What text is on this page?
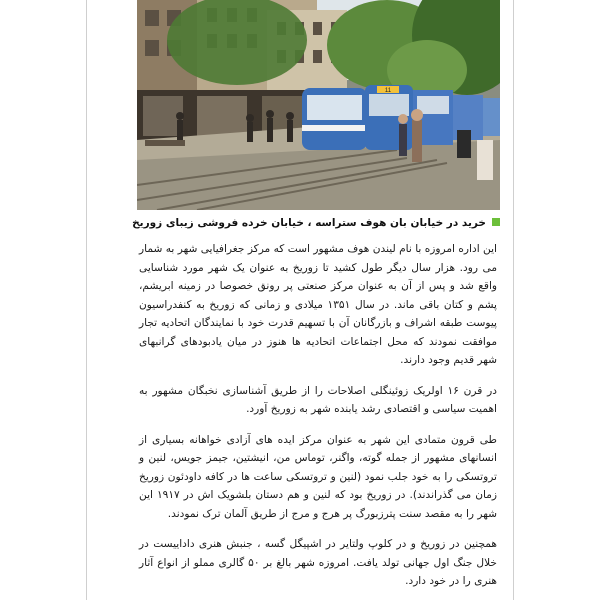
11
خرید در خیابان بان هوف ستراسه ، خیابان خرده فروشی زیبای زوریخ

این اداره امروزه با نام لیندن هوف مشهور است که مرکز جغرافیایی شهر به شمار می رود. هزار سال دیگر طول کشید تا زوریخ به عنوان یک شهر مورد شناسایی واقع شد و پس از آن به عنوان مرکز صنعتی پر رونق خصوصا در زمینه ابریشم، پشم و کتان باقی ماند. در سال ۱۳۵۱ میلادی و زمانی که زوریخ به کنفدراسیون پیوست طبقه اشراف و بازرگانان آن با تسهیم قدرت خود با نمایندگان اتحادیه تجار موافقت نمودند که محل اجتماعات اتحادیه ها هنوز در میان یادبودهای گرانبهای شهر قدیم وجود دارند.

در قرن ۱۶ اولریک زوئینگلی اصلاحات را از طریق آشناسازی نخبگان مشهور به اهمیت سیاسی و اقتصادی رشد یابنده شهر به زوریخ آورد.

طی قرون متمادی این شهر به عنوان مرکز ایده های آزادی خواهانه بسیاری از انسانهای مشهور از جمله گوته، واگنر، توماس من، انیشتین، جیمز جویس، لنین و تروتسکی را به خود جلب نمود (لنین و تروتسکی ساعت ها در کافه داودئون زوریخ زمان می گذراندند). در زوریخ بود که لنین و هم دستان بلشویک اش در ۱۹۱۷ این شهر را به مقصد سنت پترزبورگ پر هرج و مرج از طریق آلمان ترک نمودند.

همچنین در زوریخ و در کلوپ ولتایر در اشپیگل گسه ، جنبش هنری داداییست در خلال جنگ اول جهانی تولد یافت. امروزه شهر بالغ بر ۵۰ گالری مملو از انواع آثار هنری را در خود دارد.
